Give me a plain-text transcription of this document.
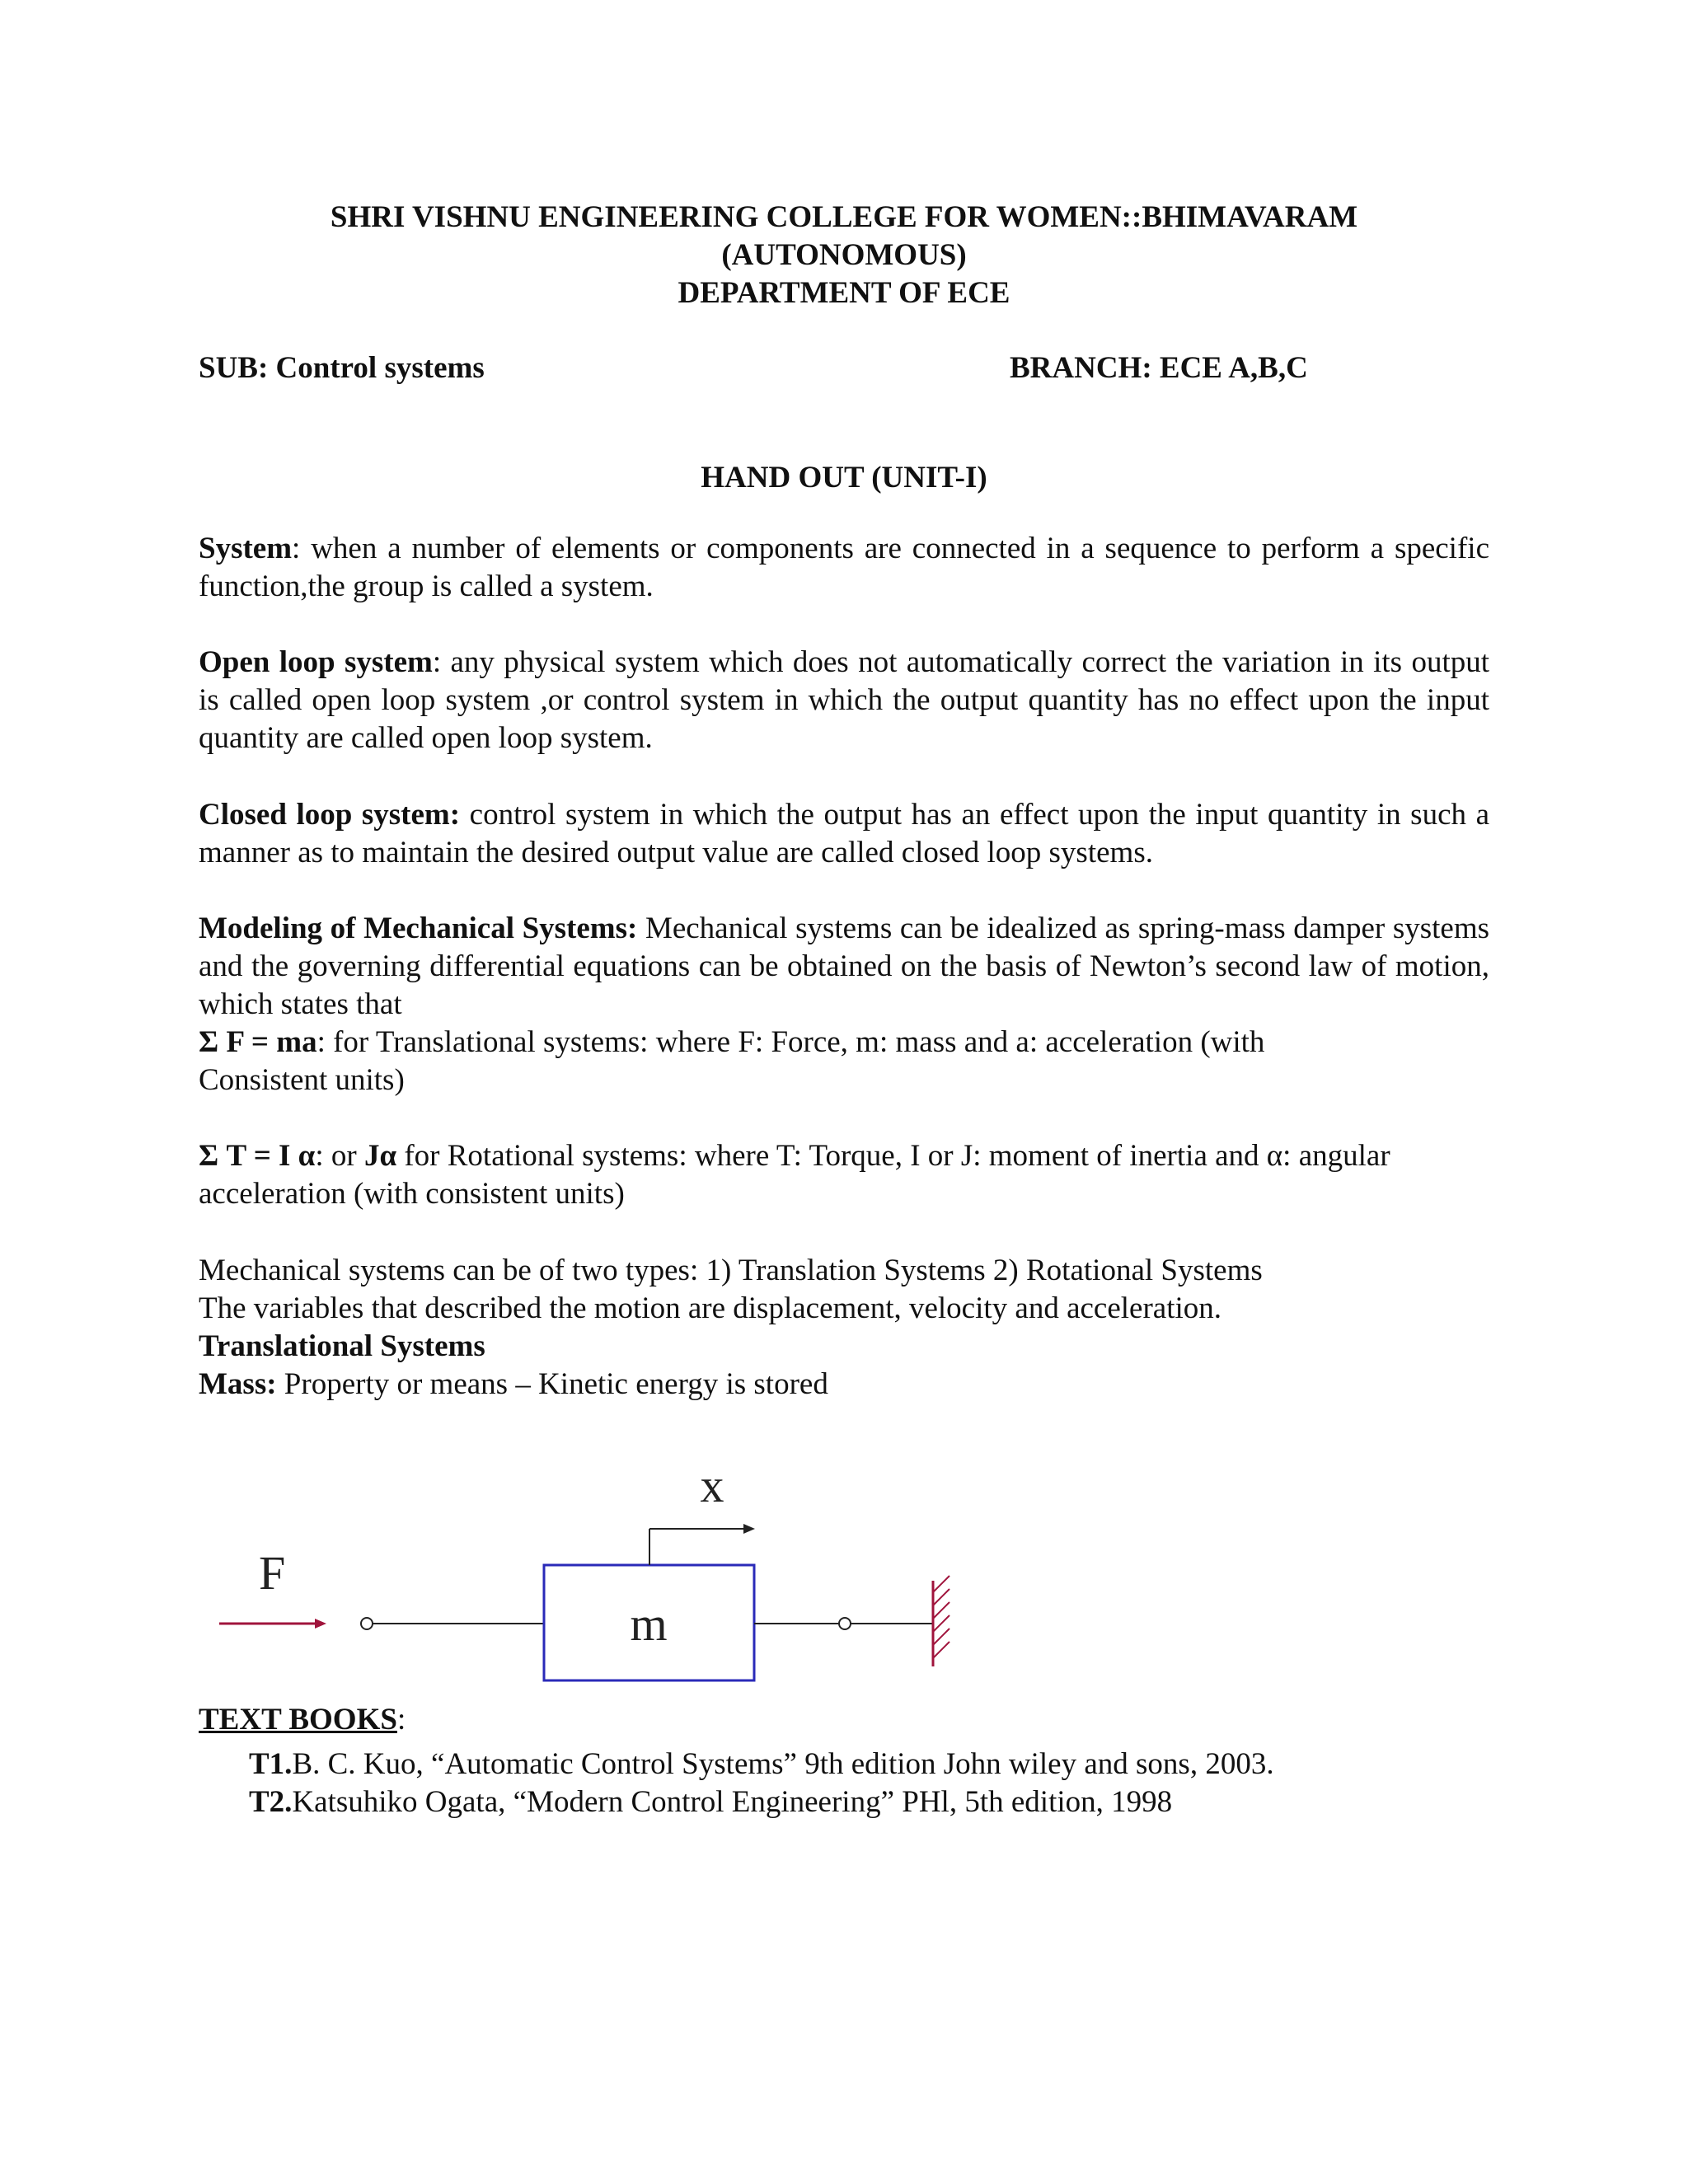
SHRI VISHNU ENGINEERING COLLEGE FOR WOMEN::BHIMAVARAM
(AUTONOMOUS)
DEPARTMENT OF ECE
SUB: Control systems	BRANCH: ECE A,B,C
HAND OUT (UNIT-I)
System: when a number of elements or components are connected in a sequence to perform a specific function,the group is called a system.
Open loop system: any physical system which does not automatically correct the variation in its output is called open loop system ,or control system in which the output quantity has no effect upon the input quantity are called open loop system.
Closed loop system: control system in which the output has an effect upon the input quantity in such a manner as to maintain the desired output value are called closed loop systems.
Modeling of Mechanical Systems: Mechanical systems can be idealized as spring-mass damper systems and the governing differential equations can be obtained on the basis of Newton’s second law of motion, which states that
Σ F = ma: for Translational systems: where F: Force, m: mass and a: acceleration (with Consistent units)
Σ T = I α: or Jα for Rotational systems: where T: Torque, I or J: moment of inertia and α: angular acceleration (with consistent units)
Mechanical systems can be of two types: 1) Translation Systems 2) Rotational Systems
The variables that described the motion are displacement, velocity and acceleration.
Translational Systems
Mass: Property or means – Kinetic energy is stored
F
m
x
TEXT BOOKS:
T1.B. C. Kuo, “Automatic Control Systems” 9th edition John wiley and sons, 2003.
T2.Katsuhiko Ogata, “Modern Control Engineering” PHl, 5th edition, 1998
